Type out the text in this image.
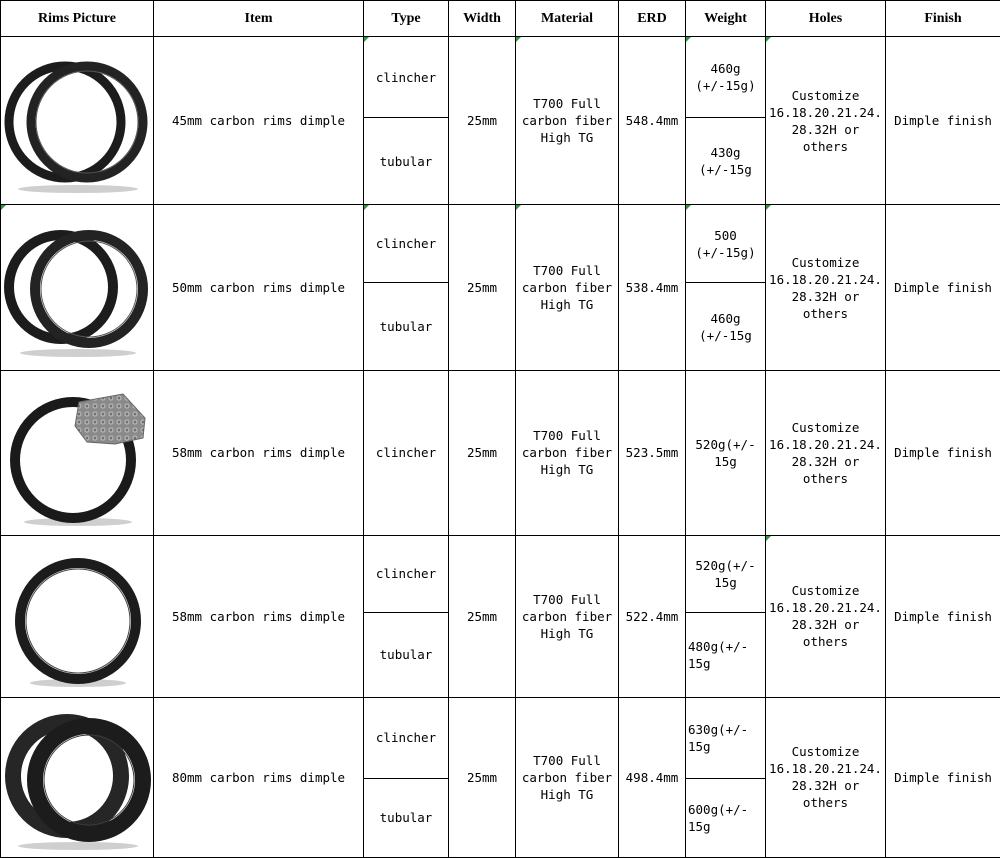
Rims Picture	Item	Type	Width	Material	ERD	Weight	Holes	Finish

	45mm carbon rims dimple	clincher	25mm	T700 Full carbon fiber High TG	548.4mm	460g (+/-15g)	Customize 16.18.20.21.24. 28.32H or others	Dimple finish
		tubular				430g (+/-15g		

	50mm carbon rims dimple	clincher	25mm	T700 Full carbon fiber High TG	538.4mm	500 (+/-15g)	Customize 16.18.20.21.24. 28.32H or others	Dimple finish
		tubular				460g (+/-15g		

	58mm carbon rims dimple	clincher	25mm	T700 Full carbon fiber High TG	523.5mm	520g(+/- 15g	Customize 16.18.20.21.24. 28.32H or others	Dimple finish

	58mm carbon rims dimple	clincher	25mm	T700 Full carbon fiber High TG	522.4mm	520g(+/- 15g	Customize 16.18.20.21.24. 28.32H or others	Dimple finish
		tubular				480g(+/- 15g		

	80mm carbon rims dimple	clincher	25mm	T700 Full carbon fiber High TG	498.4mm	630g(+/- 15g	Customize 16.18.20.21.24. 28.32H or others	Dimple finish
		tubular				600g(+/- 15g		
